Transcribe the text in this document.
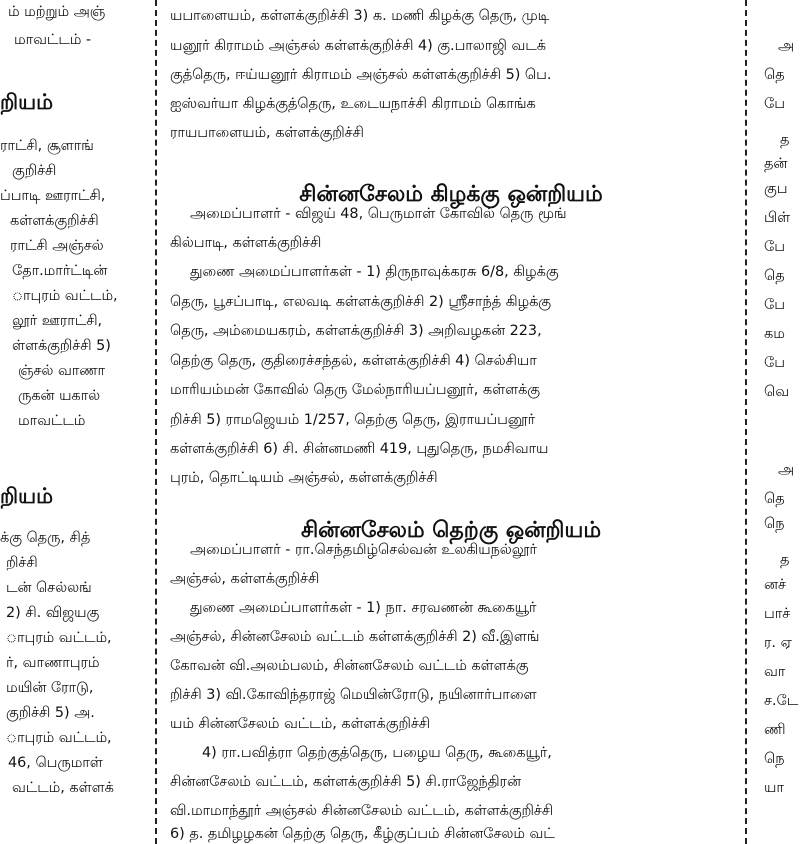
ம் மற்றும் அஞ்

மாவட்டம் -

றியம்

ராட்சி, சூளாங்

குறிச்சி

ப்பாடி ஊராட்சி,

கள்ளக்குறிச்சி

ராட்சி அஞ்சல்

தோ.மார்ட்டின்

ாபுரம் வட்டம்,

லூர் ஊராட்சி,

ள்ளக்குறிச்சி 5)

ஞ்சல் வாணா

ருகன் யகால்

மாவட்டம்

றியம்

க்கு தெரு, சித்

றிச்சி

டன் செல்லங்

2) சி. விஜயகு

ாபுரம் வட்டம்,

ர், வாணாபுரம்

மயின் ரோடு,

குறிச்சி 5) அ.

ாபுரம் வட்டம்,

46, பெருமாள்

வட்டம், கள்ளக்

யபாளையம், கள்ளக்குறிச்சி 3) க. மணி கிழக்கு தெரு, முடி

யனூர் கிராமம் அஞ்சல் கள்ளக்குறிச்சி 4) கு.பாலாஜி வடக்

குத்தெரு, ஈய்யனூர் கிராமம் அஞ்சல் கள்ளக்குறிச்சி 5) பெ.

ஐஸ்வர்யா கிழக்குத்தெரு, உடையநாச்சி கிராமம் கொங்க

ராயபாளையம், கள்ளக்குறிச்சி

சின்னசேலம் கிழக்கு ஒன்றியம்

அமைப்பாளர் - விஜய் 48, பெருமாள் கோவில் தெரு மூங்

கில்பாடி, கள்ளக்குறிச்சி

துணை அமைப்பாளர்கள் - 1) திருநாவுக்கரசு 6/8, கிழக்கு

தெரு, பூசப்பாடி, எலவடி கள்ளக்குறிச்சி 2) ஸ்ரீசாந்த் கிழக்கு

தெரு, அம்மையகரம், கள்ளக்குறிச்சி 3) அறிவழகன் 223,

தெற்கு தெரு, குதிரைச்சந்தல், கள்ளக்குறிச்சி 4) செல்சியா

மாரியம்மன் கோவில் தெரு மேல்நாரியப்பனூர், கள்ளக்கு

றிச்சி 5) ராமஜெயம் 1/257, தெற்கு தெரு, இராயப்பனூர்

கள்ளக்குறிச்சி 6) சி. சின்னமணி 419, புதுதெரு, நமசிவாய

புரம், தொட்டியம் அஞ்சல், கள்ளக்குறிச்சி

சின்னசேலம் தெற்கு ஒன்றியம்

அமைப்பாளர் - ரா.செந்தமிழ்செல்வன் உலகியநல்லூர்

அஞ்சல், கள்ளக்குறிச்சி

துணை அமைப்பாளர்கள் - 1) நா. சரவணன் கூகையூர்

அஞ்சல், சின்னசேலம் வட்டம் கள்ளக்குறிச்சி 2) வீ.இளங்

கோவன் வி.அலம்பலம், சின்னசேலம் வட்டம் கள்ளக்கு

றிச்சி 3) வி.கோவிந்தராஜ் மெயின்ரோடு, நயினார்பாளை

யம் சின்னசேலம் வட்டம், கள்ளக்குறிச்சி

4) ரா.பவித்ரா தெற்குத்தெரு, பழைய தெரு, கூகையூர்,

சின்னசேலம் வட்டம், கள்ளக்குறிச்சி 5) சி.ராஜேந்திரன்

வி.மாமாந்தூர் அஞ்சல் சின்னசேலம் வட்டம், கள்ளக்குறிச்சி

6) த. தமிழழகன் தெற்கு தெரு, கீழ்குப்பம் சின்னசேலம் வட்

அ

தெ

பே

த

தன்

குப

பிள்

பே

தெ

பே

கம

பே

வெ

அ

தெ

நெ

த

னச்

பாச்

ர. ஏ

வா

ச.டே

ணி

நெ

யா
